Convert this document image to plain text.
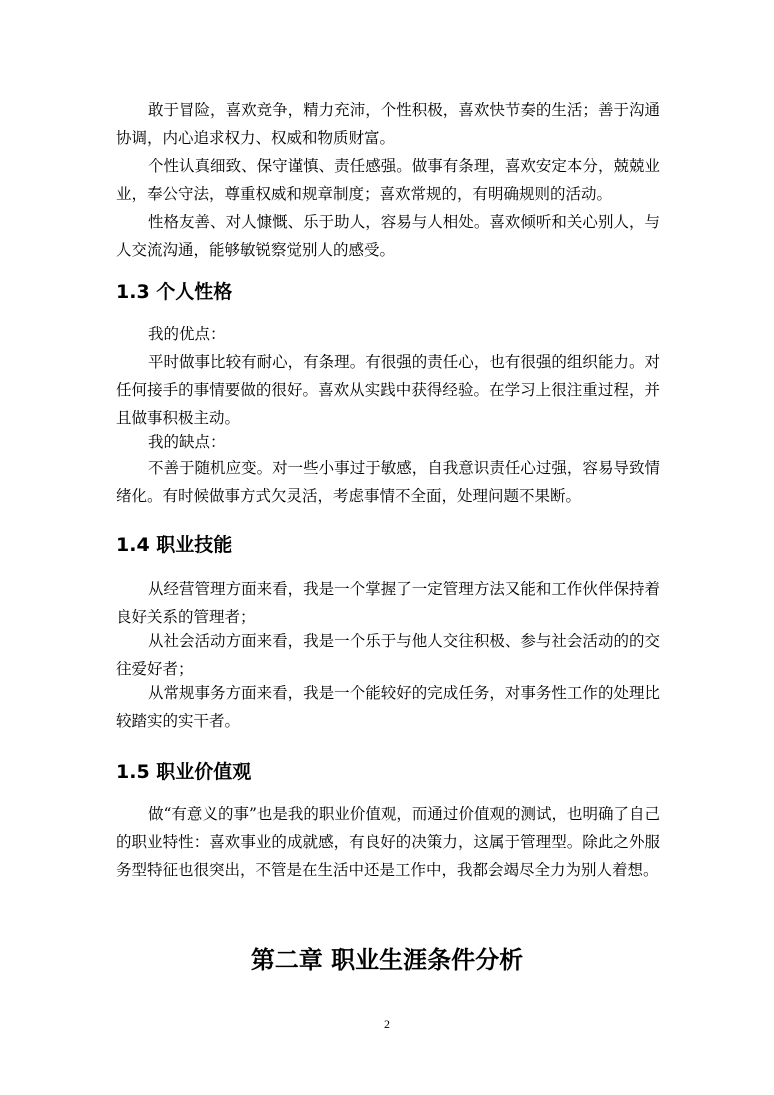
敢于冒险，喜欢竞争，精力充沛，个性积极，喜欢快节奏的生活；善于沟通协调，内心追求权力、权威和物质财富。

个性认真细致、保守谨慎、责任感强。做事有条理，喜欢安定本分，兢兢业业，奉公守法，尊重权威和规章制度；喜欢常规的，有明确规则的活动。

性格友善、对人慷慨、乐于助人，容易与人相处。喜欢倾听和关心别人，与人交流沟通，能够敏锐察觉别人的感受。

1.3 个人性格

我的优点：

平时做事比较有耐心，有条理。有很强的责任心，也有很强的组织能力。对任何接手的事情要做的很好。喜欢从实践中获得经验。在学习上很注重过程，并且做事积极主动。

我的缺点：

不善于随机应变。对一些小事过于敏感，自我意识责任心过强，容易导致情绪化。有时候做事方式欠灵活，考虑事情不全面，处理问题不果断。

1.4 职业技能

从经营管理方面来看，我是一个掌握了一定管理方法又能和工作伙伴保持着良好关系的管理者；

从社会活动方面来看，我是一个乐于与他人交往积极、参与社会活动的的交往爱好者；

从常规事务方面来看，我是一个能较好的完成任务，对事务性工作的处理比较踏实的实干者。

1.5 职业价值观

做“有意义的事”也是我的职业价值观，而通过价值观的测试，也明确了自己的职业特性：喜欢事业的成就感，有良好的决策力，这属于管理型。除此之外服务型特征也很突出，不管是在生活中还是工作中，我都会竭尽全力为别人着想。

第二章 职业生涯条件分析
2
